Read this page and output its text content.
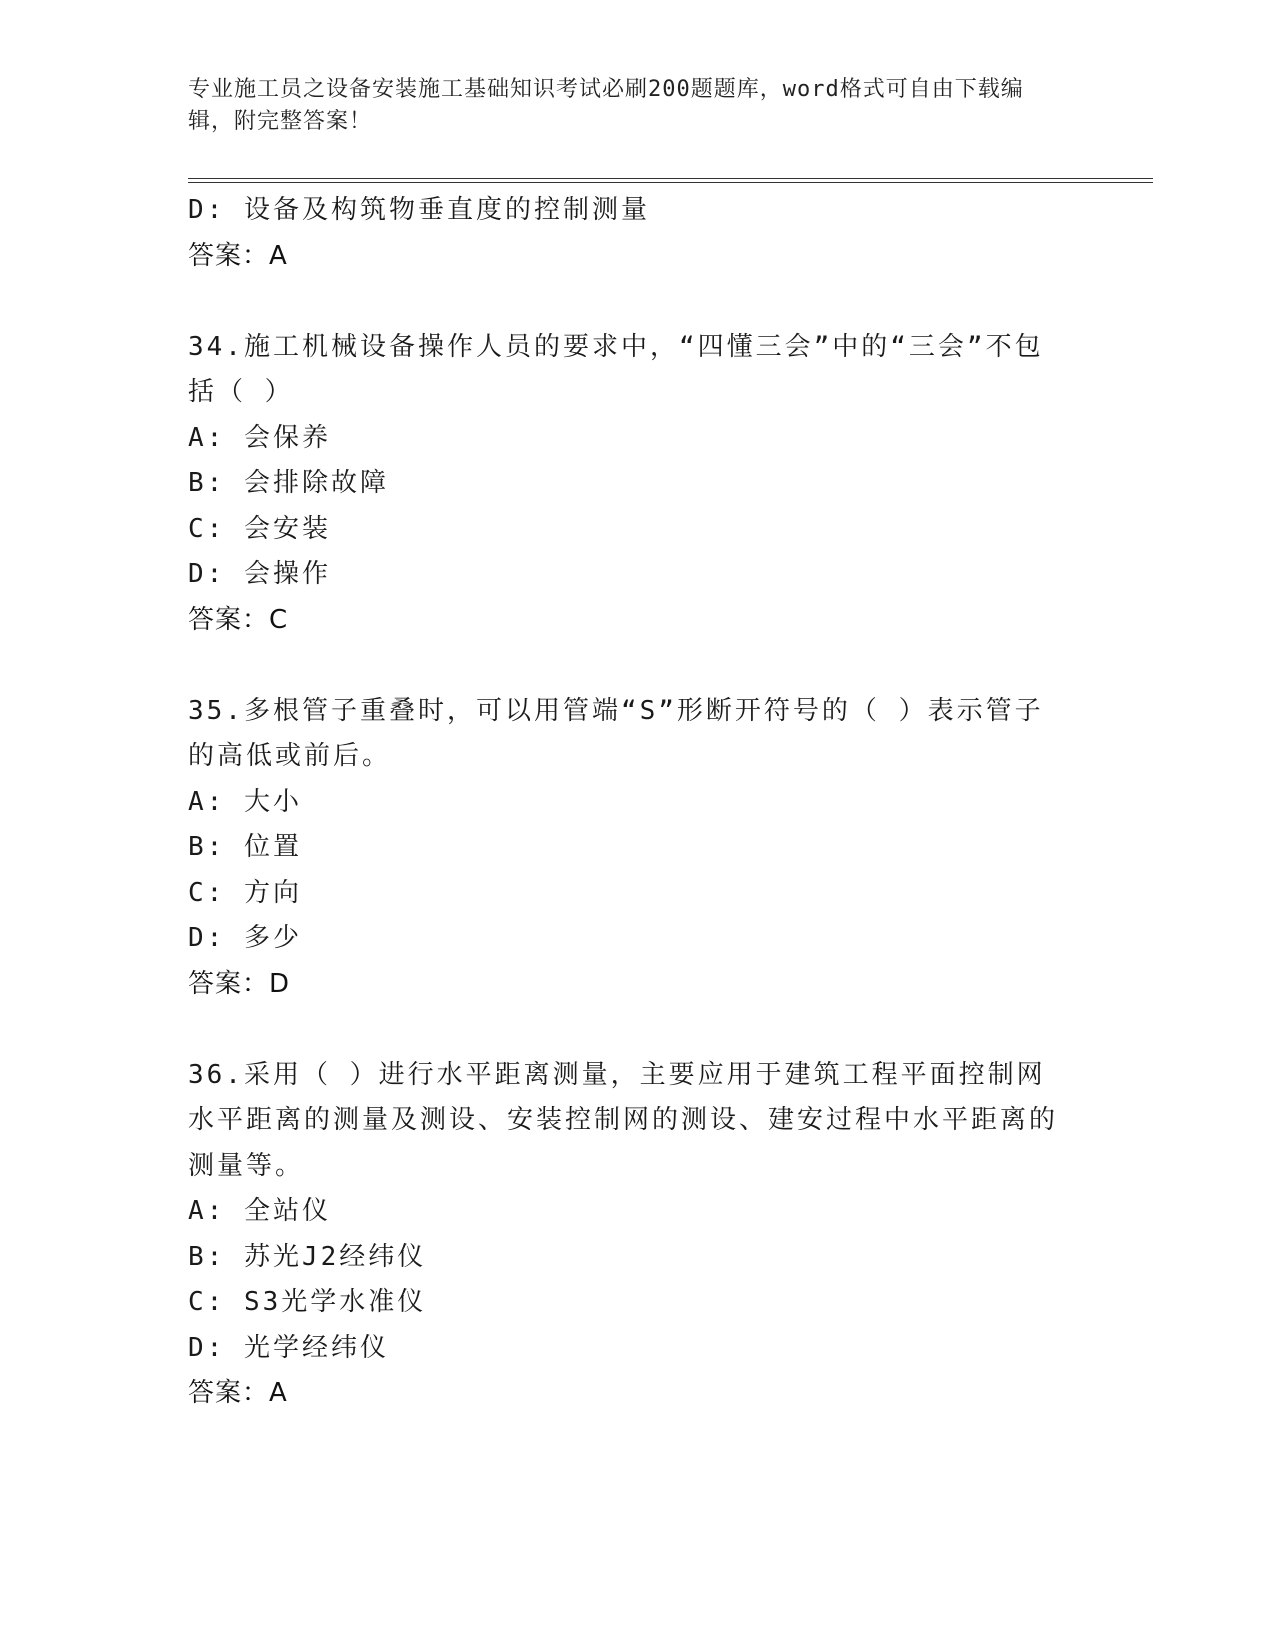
专业施工员之设备安装施工基础知识考试必刷200题题库，word格式可自由下载编辑，附完整答案！
D: 设备及构筑物垂直度的控制测量
答案：A
34.施工机械设备操作人员的要求中，“四懂三会”中的“三会”不包括（ ）
A: 会保养
B: 会排除故障
C: 会安装
D: 会操作
答案：C
35.多根管子重叠时，可以用管端“S”形断开符号的（ ）表示管子的高低或前后。
A: 大小
B: 位置
C: 方向
D: 多少
答案：D
36.采用（ ）进行水平距离测量，主要应用于建筑工程平面控制网水平距离的测量及测设、安装控制网的测设、建安过程中水平距离的测量等。
A: 全站仪
B: 苏光J2经纬仪
C: S3光学水准仪
D: 光学经纬仪
答案：A
